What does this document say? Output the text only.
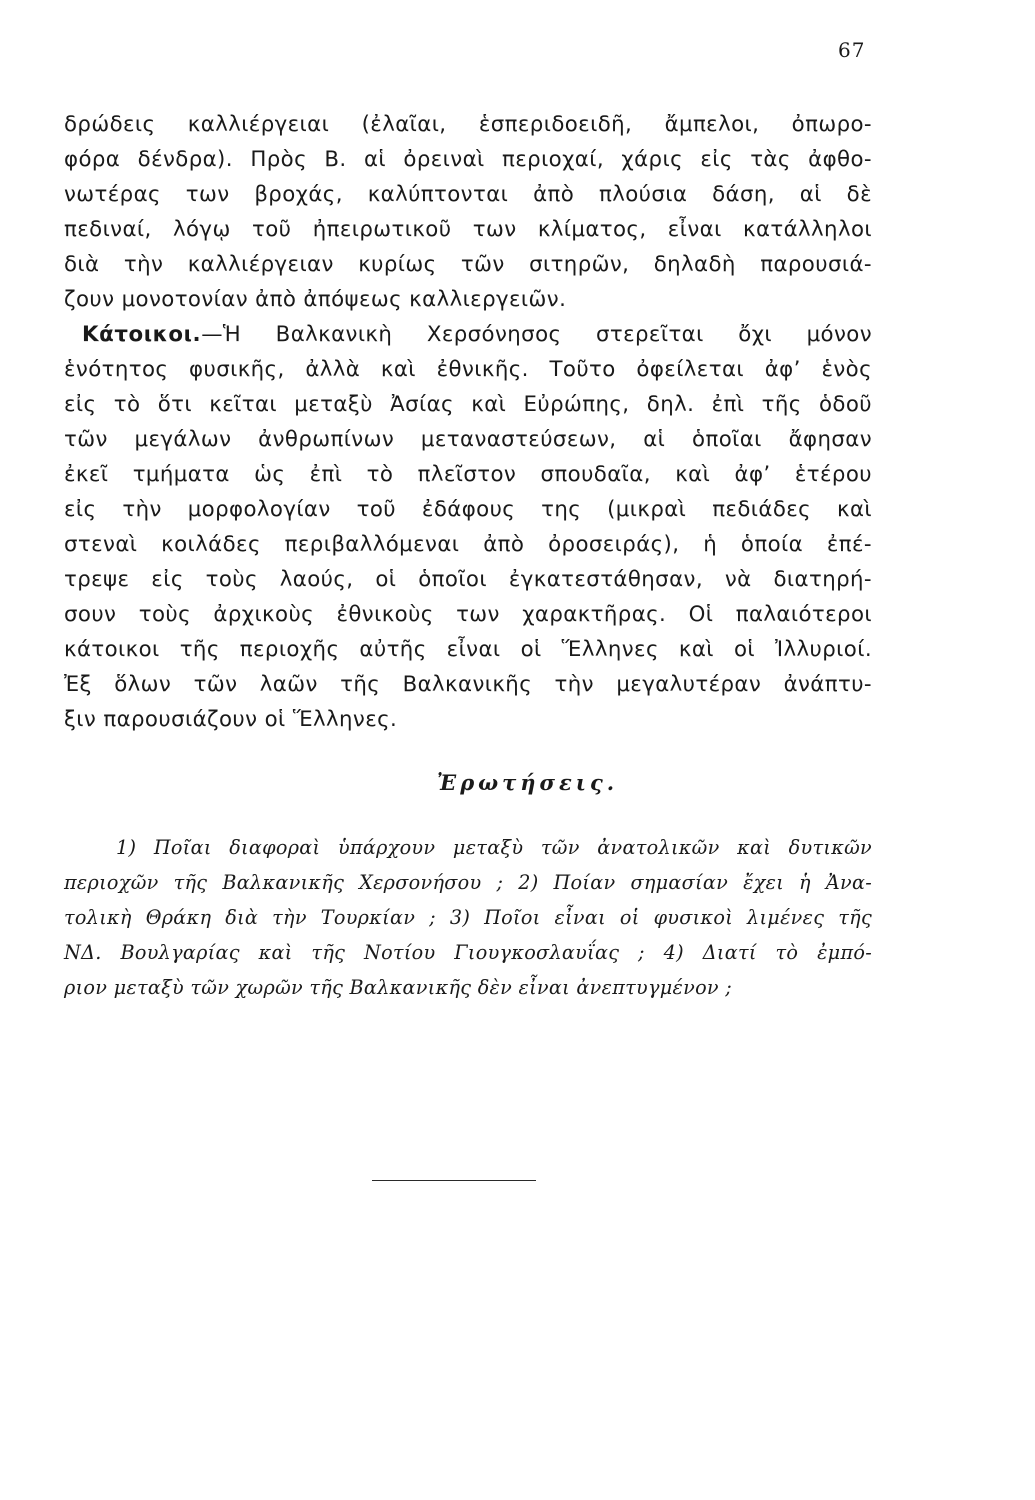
67
δρώδεις καλλιέργειαι (ἐλαῖαι, ἑσπεριδοειδῆ, ἄμπελοι, ὀπωρο-
φόρα δένδρα). Πρὸς Β. αἱ ὀρειναὶ περιοχαί, χάρις εἰς τὰς ἀφθο-
νωτέρας των βροχάς, καλύπτονται ἀπὸ πλούσια δάση, αἱ δὲ
πεδιναί, λόγῳ τοῦ ἠπειρωτικοῦ των κλίματος, εἶναι κατάλληλοι
διὰ τὴν καλλιέργειαν κυρίως τῶν σιτηρῶν, δηλαδὴ παρουσιά-
ζουν μονοτονίαν ἀπὸ ἀπόψεως καλλιεργειῶν.
Κάτοικοι.—Ἡ Βαλκανικὴ Χερσόνησος στερεῖται ὄχι μόνον
ἑνότητος φυσικῆς, ἀλλὰ καὶ ἐθνικῆς. Τοῦτο ὀφείλεται ἀφ’ ἑνὸς
εἰς τὸ ὅτι κεῖται μεταξὺ Ἀσίας καὶ Εὐρώπης, δηλ. ἐπὶ τῆς ὁδοῦ
τῶν μεγάλων ἀνθρωπίνων μεταναστεύσεων, αἱ ὁποῖαι ἄφησαν
ἐκεῖ τμήματα ὡς ἐπὶ τὸ πλεῖστον σπουδαῖα, καὶ ἀφ’ ἑτέρου
εἰς τὴν μορφολογίαν τοῦ ἐδάφους της (μικραὶ πεδιάδες καὶ
στεναὶ κοιλάδες περιβαλλόμεναι ἀπὸ ὀροσειράς), ἡ ὁποία ἐπέ-
τρεψε εἰς τοὺς λαούς, οἱ ὁποῖοι ἐγκατεστάθησαν, νὰ διατηρή-
σουν τοὺς ἀρχικοὺς ἐθνικοὺς των χαρακτῆρας. Οἱ παλαιότεροι
κάτοικοι τῆς περιοχῆς αὐτῆς εἶναι οἱ Ἕλληνες καὶ οἱ Ἰλλυριοί.
Ἐξ ὅλων τῶν λαῶν τῆς Βαλκανικῆς τὴν μεγαλυτέραν ἀνάπτυ-
ξιν παρουσιάζουν οἱ Ἕλληνες.
Ἐρωτήσεις.
1) Ποῖαι διαφοραὶ ὑπάρχουν μεταξὺ τῶν ἀνατολικῶν καὶ δυτικῶν
περιοχῶν τῆς Βαλκανικῆς Χερσονήσου ; 2) Ποίαν σημασίαν ἔχει ἡ Ἀνα-
τολικὴ Θράκη διὰ τὴν Τουρκίαν ; 3) Ποῖοι εἶναι οἱ φυσικοὶ λιμένες τῆς
ΝΔ. Βουλγαρίας καὶ τῆς Νοτίου Γιουγκοσλαυΐας ; 4) Διατί τὸ ἐμπό-
ριον μεταξὺ τῶν χωρῶν τῆς Βαλκανικῆς δὲν εἶναι ἀνεπτυγμένον ;
